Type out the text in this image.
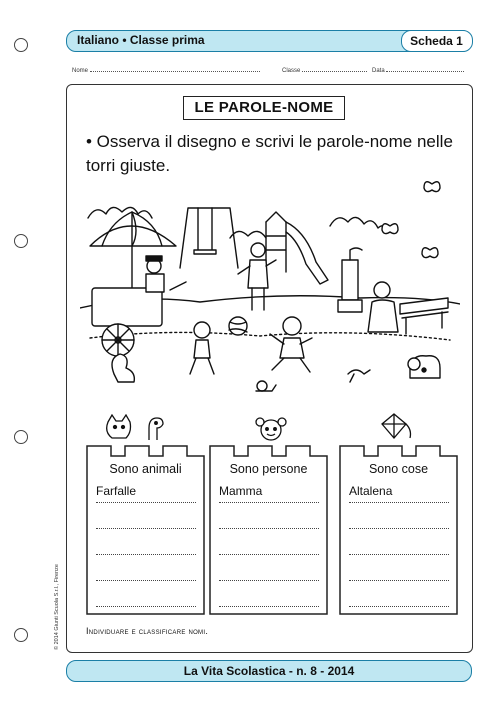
Italiano • Classe prima	Scheda 1
Nome	Classe	Data
LE PAROLE-NOME
• Osserva il disegno e scrivi le parole-nome nelle torri giuste.
Sono animali
Farfalle
Sono persone
Mamma
Sono cose
Altalena
Individuare e classificare nomi.
© 2014 Giunti Scuola S.r.l., Firenze
La Vita Scolastica - n. 8 - 2014
